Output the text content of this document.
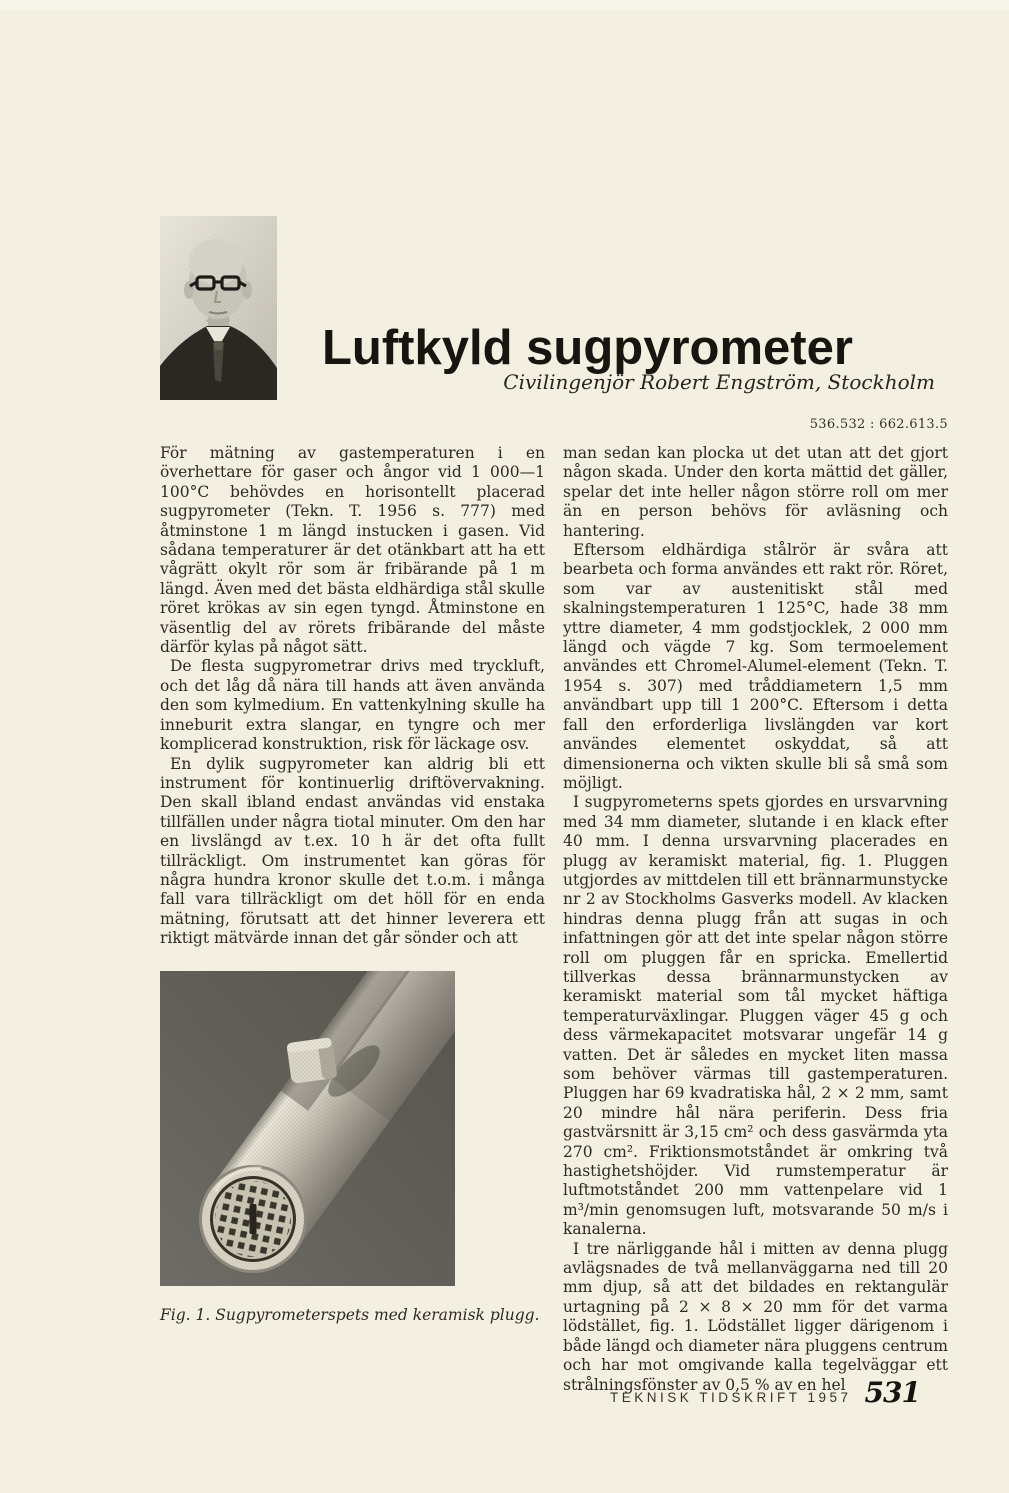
Luftkyld sugpyrometer
Civilingenjör Robert Engström, Stockholm

För mätning av gastemperaturen i en överhettare för gaser och ångor vid 1 000—1 100°C behövdes en horisontellt placerad sugpyrometer (Tekn. T. 1956 s. 777) med åtminstone 1 m längd instucken i gasen. Vid sådana temperaturer är det otänkbart att ha ett vågrätt okylt rör som är fribärande på 1 m längd. Även med det bästa eldhärdiga stål skulle röret krökas av sin egen tyngd. Åtminstone en väsentlig del av rörets fribärande del måste därför kylas på något sätt.

De flesta sugpyrometrar drivs med tryckluft, och det låg då nära till hands att även använda den som kylmedium. En vattenkylning skulle ha inneburit extra slangar, en tyngre och mer komplicerad konstruktion, risk för läckage osv.

En dylik sugpyrometer kan aldrig bli ett instrument för kontinuerlig driftövervakning. Den skall ibland endast användas vid enstaka tillfällen under några tiotal minuter. Om den har en livslängd av t.ex. 10 h är det ofta fullt tillräckligt. Om instrumentet kan göras för några hundra kronor skulle det t.o.m. i många fall vara tillräckligt om det höll för en enda mätning, förutsatt att det hinner leverera ett riktigt mätvärde innan det går sönder och att

Fig. 1. Sugpyrometerspets med keramisk plugg.
536.532 : 662.613.5

man sedan kan plocka ut det utan att det gjort någon skada. Under den korta mättid det gäller, spelar det inte heller någon större roll om mer än en person behövs för avläsning och hantering.

Eftersom eldhärdiga stålrör är svåra att bearbeta och forma användes ett rakt rör. Röret, som var av austenitiskt stål med skalningstemperaturen 1 125°C, hade 38 mm yttre diameter, 4 mm godstjocklek, 2 000 mm längd och vägde 7 kg. Som termoelement användes ett Chromel-Alumel-element (Tekn. T. 1954 s. 307) med tråddiametern 1,5 mm användbart upp till 1 200°C. Eftersom i detta fall den erforderliga livslängden var kort användes elementet oskyddat, så att dimensionerna och vikten skulle bli så små som möjligt.

I sugpyrometerns spets gjordes en ursvarvning med 34 mm diameter, slutande i en klack efter 40 mm. I denna ursvarvning placerades en plugg av keramiskt material, fig. 1. Pluggen utgjordes av mittdelen till ett brännarmunstycke nr 2 av Stockholms Gasverks modell. Av klacken hindras denna plugg från att sugas in och infattningen gör att det inte spelar någon större roll om pluggen får en spricka. Emellertid tillverkas dessa brännarmunstycken av keramiskt material som tål mycket häftiga temperaturväxlingar. Pluggen väger 45 g och dess värmekapacitet motsvarar ungefär 14 g vatten. Det är således en mycket liten massa som behöver värmas till gastemperaturen. Pluggen har 69 kvadratiska hål, 2 × 2 mm, samt 20 mindre hål nära periferin. Dess fria gastvärsnitt är 3,15 cm² och dess gasvärmda yta 270 cm². Friktionsmotståndet är omkring två hastighetshöjder. Vid rumstemperatur är luftmotståndet 200 mm vattenpelare vid 1 m³/min genomsugen luft, motsvarande 50 m/s i kanalerna.

I tre närliggande hål i mitten av denna plugg avlägsnades de två mellanväggarna ned till 20 mm djup, så att det bildades en rektangulär urtagning på 2 × 8 × 20 mm för det varma lödstället, fig. 1. Lödstället ligger därigenom i både längd och diameter nära pluggens centrum och har mot omgivande kalla tegelväggar ett strålningsfönster av 0,5 % av en hel

TEKNISK TIDSKRIFT 1957 531
